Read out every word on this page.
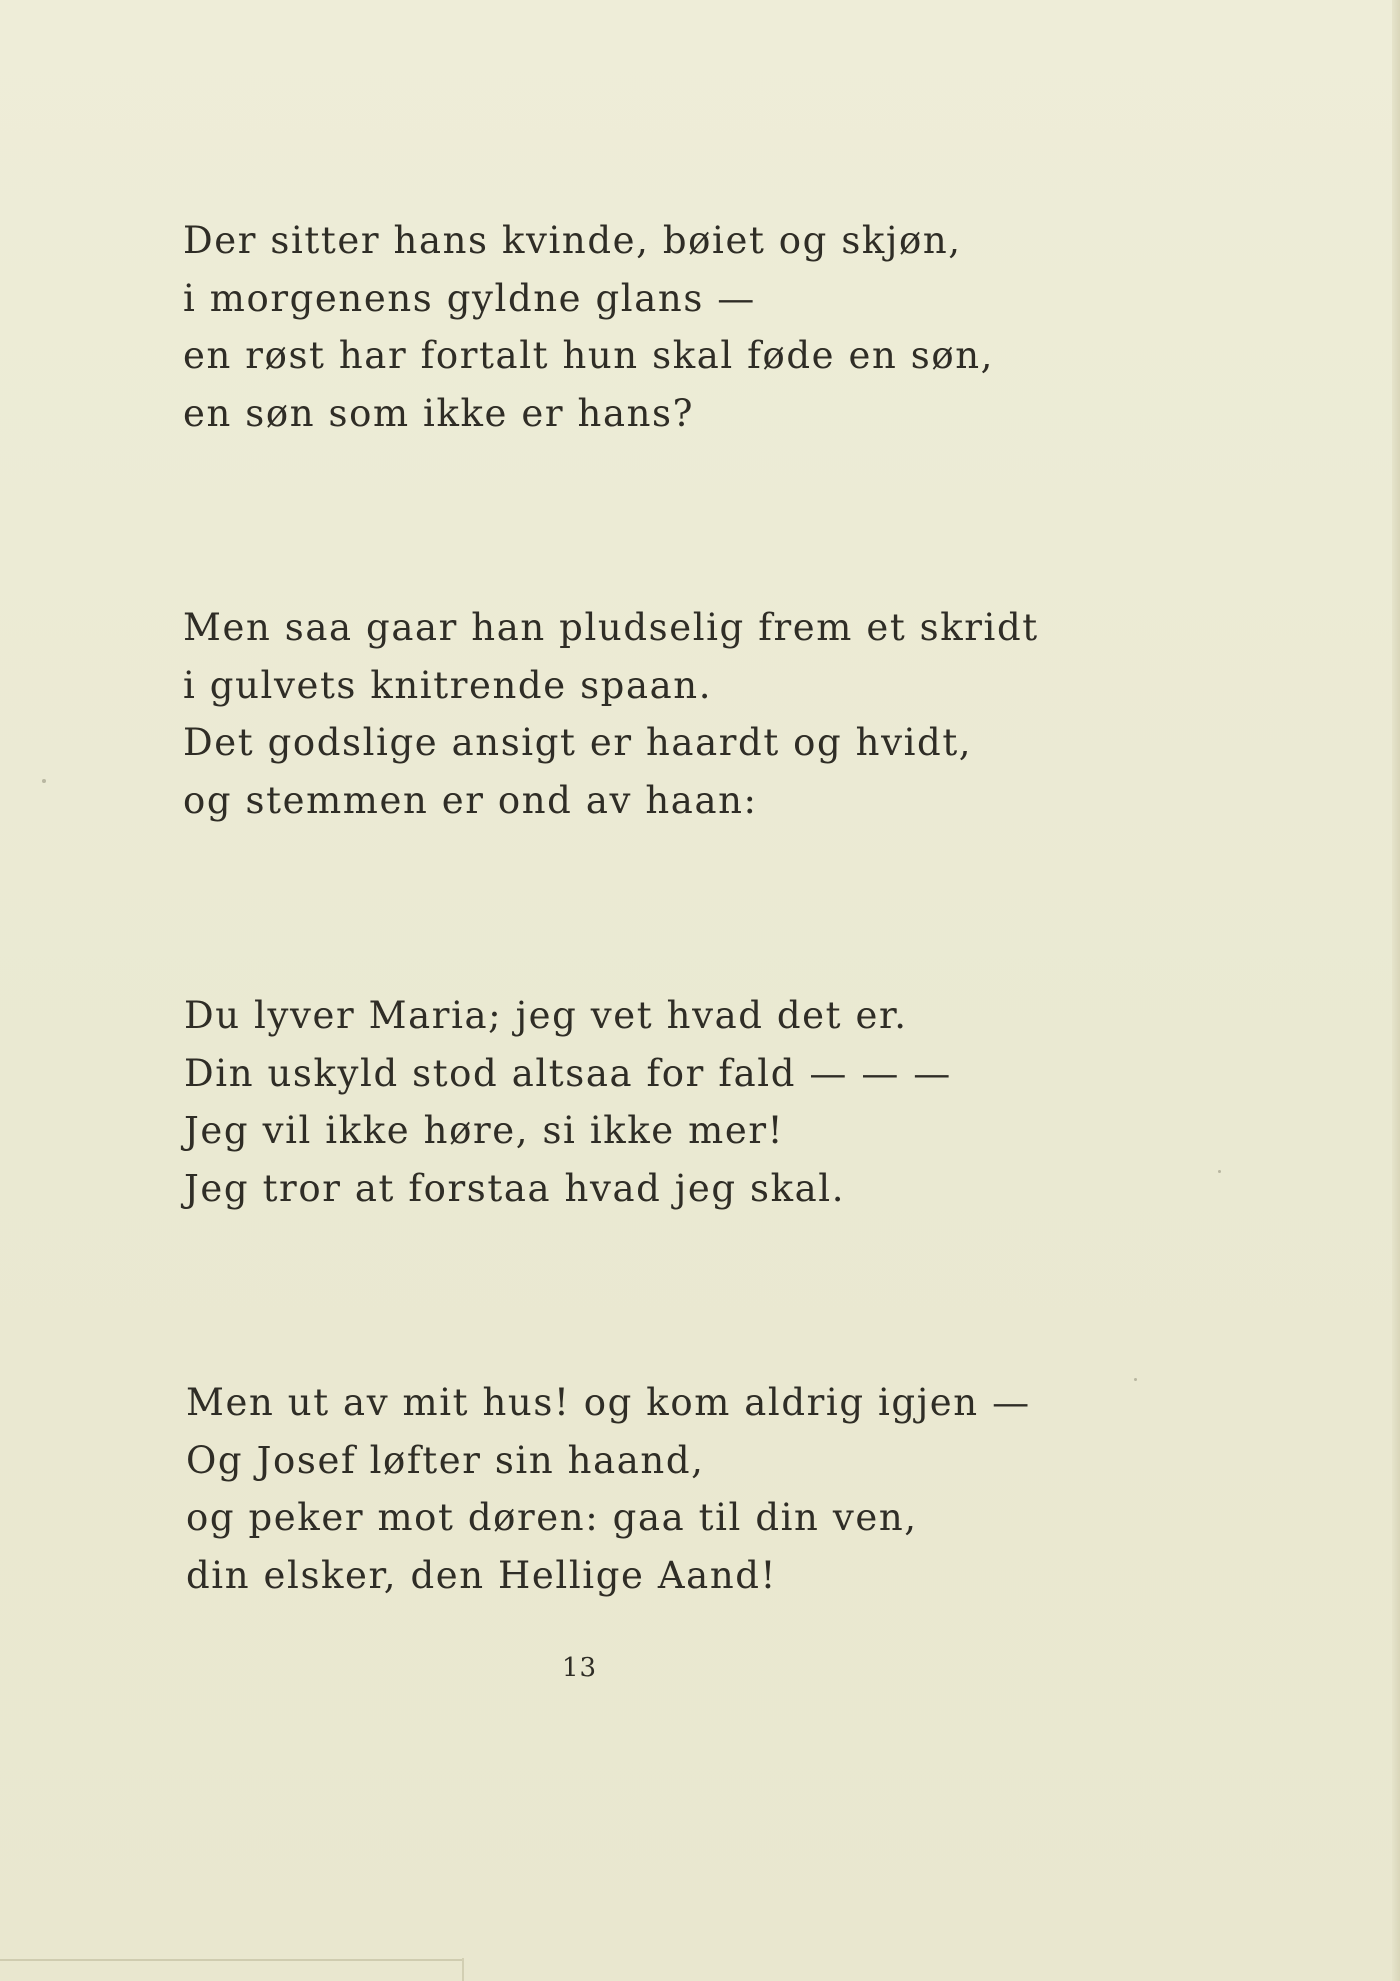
Der sitter hans kvinde, bøiet og skjøn,
i morgenens gyldne glans —
en røst har fortalt hun skal føde en søn,
en søn som ikke er hans?
Men saa gaar han pludselig frem et skridt
i gulvets knitrende spaan.
Det godslige ansigt er haardt og hvidt,
og stemmen er ond av haan:
Du lyver Maria; jeg vet hvad det er.
Din uskyld stod altsaa for fald — — —
Jeg vil ikke høre, si ikke mer!
Jeg tror at forstaa hvad jeg skal.
Men ut av mit hus! og kom aldrig igjen —
Og Josef løfter sin haand,
og peker mot døren: gaa til din ven,
din elsker, den Hellige Aand!
13
